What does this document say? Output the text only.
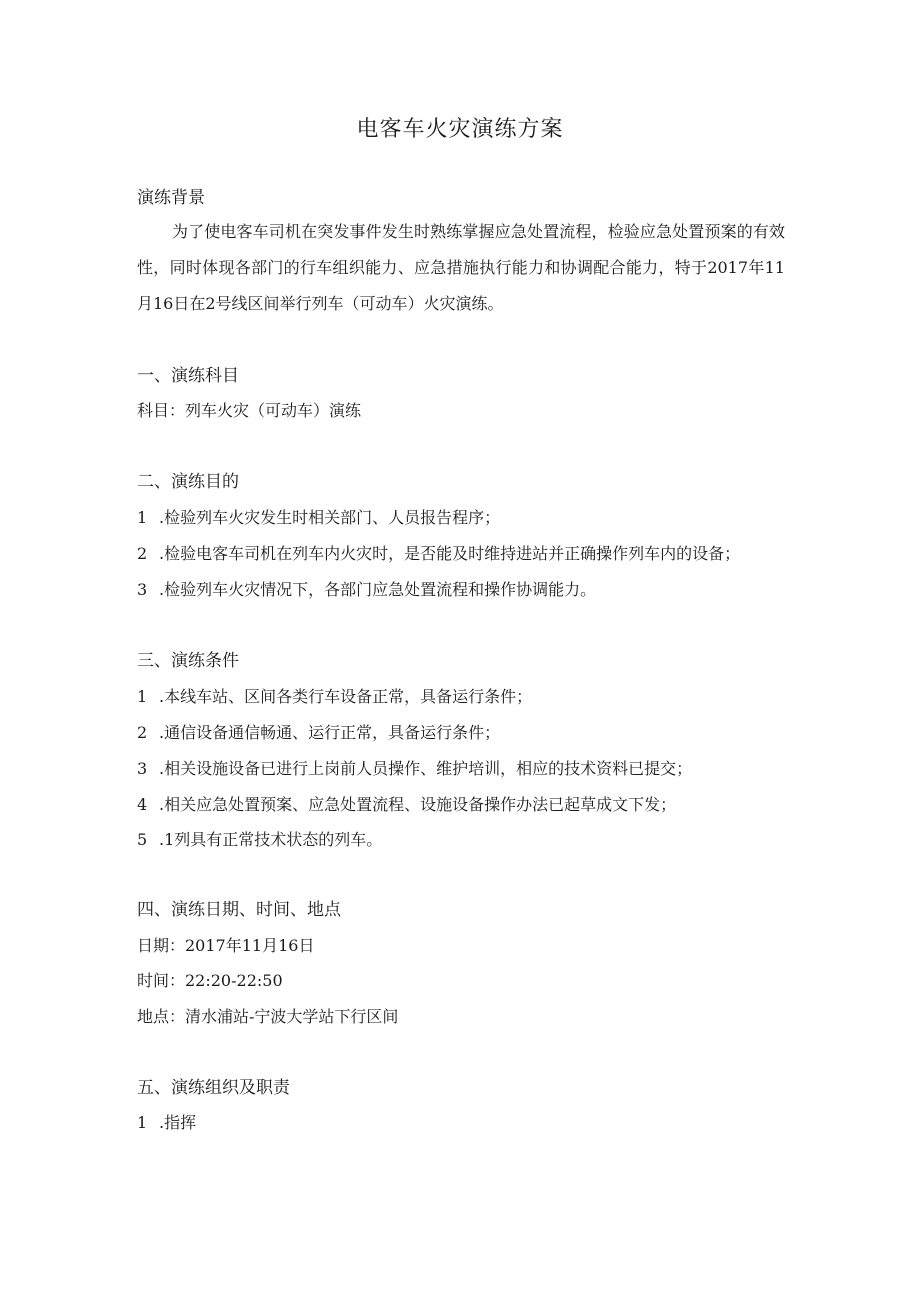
电客车火灾演练方案
演练背景
为了使电客车司机在突发事件发生时熟练掌握应急处置流程，检验应急处置预案的有效性，同时体现各部门的行车组织能力、应急措施执行能力和协调配合能力，特于2017年11月16日在2号线区间举行列车（可动车）火灾演练。
一、演练科目
科目：列车火灾（可动车）演练
二、演练目的
1 .检验列车火灾发生时相关部门、人员报告程序；
2 .检验电客车司机在列车内火灾时，是否能及时维持进站并正确操作列车内的设备；
3 .检验列车火灾情况下，各部门应急处置流程和操作协调能力。
三、演练条件
1 .本线车站、区间各类行车设备正常，具备运行条件；
2 .通信设备通信畅通、运行正常，具备运行条件；
3 .相关设施设备已进行上岗前人员操作、维护培训，相应的技术资料已提交；
4 .相关应急处置预案、应急处置流程、设施设备操作办法已起草成文下发；
5 .1列具有正常技术状态的列车。
四、演练日期、时间、地点
日期：2017年11月16日
时间：22:20-22:50
地点：清水浦站-宁波大学站下行区间
五、演练组织及职责
1 .指挥
